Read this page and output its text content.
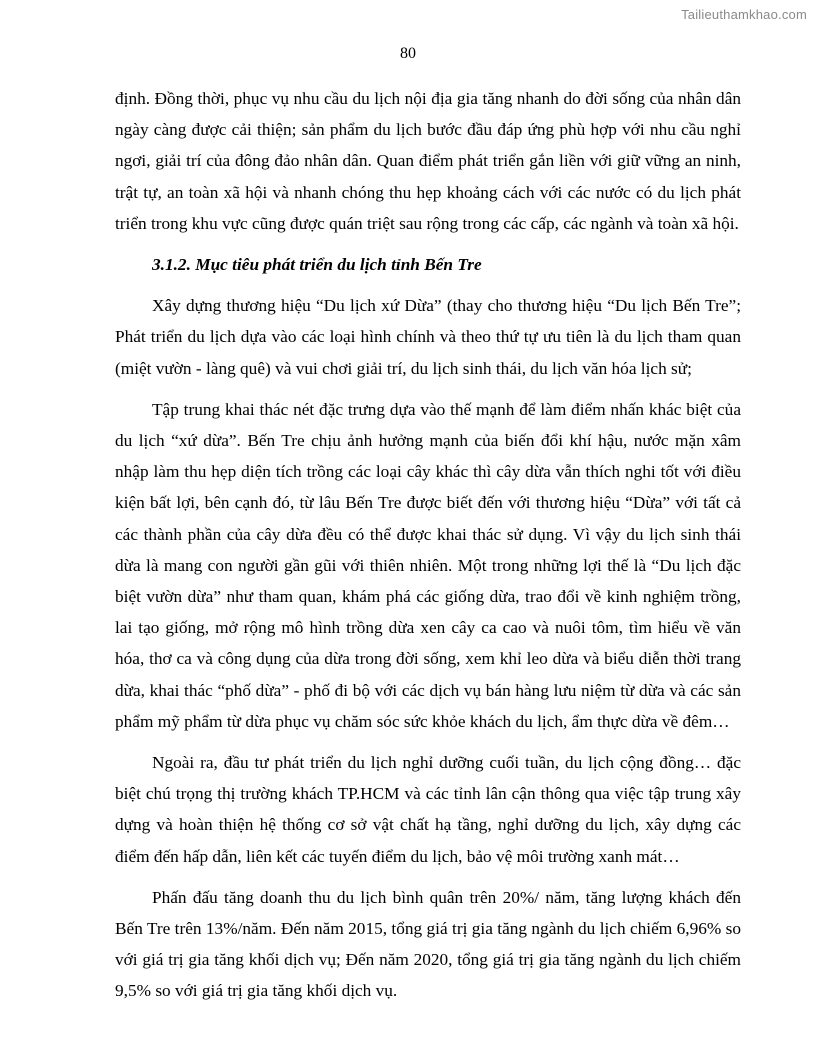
Tailieuthamkhao.com
80

định. Đồng thời, phục vụ nhu cầu du lịch nội địa gia tăng nhanh do đời sống của nhân dân ngày càng được cải thiện; sản phẩm du lịch bước đầu đáp ứng phù hợp với nhu cầu nghỉ ngơi, giải trí của đông đảo nhân dân. Quan điểm phát triển gắn liền với giữ vững an ninh, trật tự, an toàn xã hội và nhanh chóng thu hẹp khoảng cách với các nước có du lịch phát triển trong khu vực cũng được quán triệt sau rộng trong các cấp, các ngành và toàn xã hội.

3.1.2. Mục tiêu phát triển du lịch tỉnh Bến Tre

Xây dựng thương hiệu “Du lịch xứ Dừa” (thay cho thương hiệu “Du lịch Bến Tre”; Phát triển du lịch dựa vào các loại hình chính và theo thứ tự ưu tiên là du lịch tham quan (miệt vườn - làng quê) và vui chơi giải trí, du lịch sinh thái, du lịch văn hóa lịch sử;

Tập trung khai thác nét đặc trưng dựa vào thế mạnh để làm điểm nhấn khác biệt của du lịch “xứ dừa”. Bến Tre chịu ảnh hưởng mạnh của biến đổi khí hậu, nước mặn xâm nhập làm thu hẹp diện tích trồng các loại cây khác thì cây dừa vẫn thích nghi tốt với điều kiện bất lợi, bên cạnh đó, từ lâu Bến Tre được biết đến với thương hiệu “Dừa” với tất cả các thành phần của cây dừa đều có thể được khai thác sử dụng. Vì vậy du lịch sinh thái dừa là mang con người gần gũi với thiên nhiên. Một trong những lợi thế là “Du lịch đặc biệt vườn dừa” như tham quan, khám phá các giống dừa, trao đổi về kinh nghiệm trồng, lai tạo giống, mở rộng mô hình trồng dừa xen cây ca cao và nuôi tôm, tìm hiểu về văn hóa, thơ ca và công dụng của dừa trong đời sống, xem khỉ leo dừa và biểu diễn thời trang dừa, khai thác “phố dừa” - phố đi bộ với các dịch vụ bán hàng lưu niệm từ dừa và các sản phẩm mỹ phẩm từ dừa phục vụ chăm sóc sức khỏe khách du lịch, ẩm thực dừa về đêm…

Ngoài ra, đầu tư phát triển du lịch nghỉ dưỡng cuối tuần, du lịch cộng đồng… đặc biệt chú trọng thị trường khách TP.HCM và các tỉnh lân cận thông qua việc tập trung xây dựng và hoàn thiện hệ thống cơ sở vật chất hạ tầng, nghỉ dưỡng du lịch, xây dựng các điểm đến hấp dẫn, liên kết các tuyến điểm du lịch, bảo vệ môi trường xanh mát…

Phấn đấu tăng doanh thu du lịch bình quân trên 20%/ năm, tăng lượng khách đến Bến Tre trên 13%/năm. Đến năm 2015, tổng giá trị gia tăng ngành du lịch chiếm 6,96% so với giá trị gia tăng khối dịch vụ; Đến năm 2020, tổng giá trị gia tăng ngành du lịch chiếm 9,5% so với giá trị gia tăng khối dịch vụ.
